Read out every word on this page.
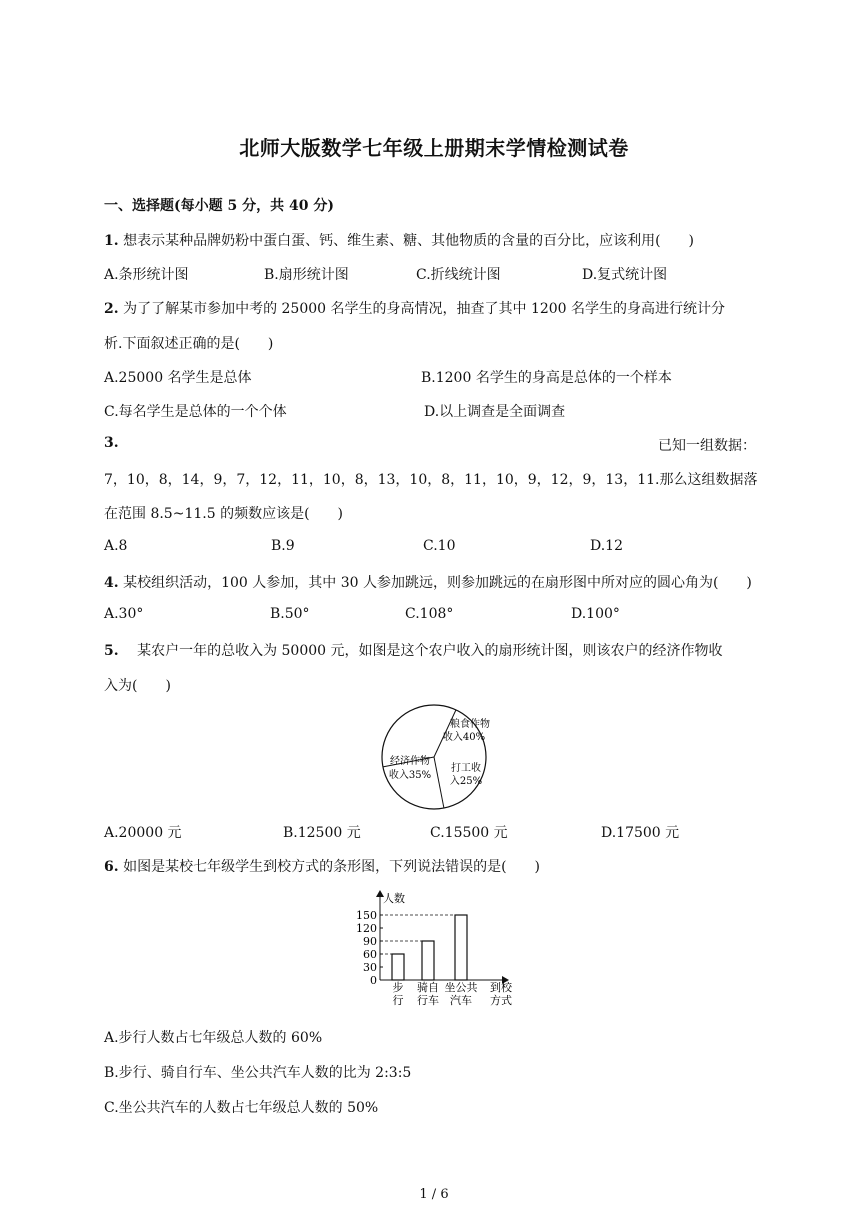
北师大版数学七年级上册期末学情检测试卷
一、选择题(每小题 5 分，共 40 分)
1. 想表示某种品牌奶粉中蛋白蛋、钙、维生素、糖、其他物质的含量的百分比，应该利用(　　)
A.条形统计图	B.扇形统计图	C.折线统计图	D.复式统计图
2. 为了了解某市参加中考的 25000 名学生的身高情况，抽查了其中 1200 名学生的身高进行统计分
析.下面叙述正确的是(　　)
A.25000 名学生是总体	B.1200 名学生的身高是总体的一个样本
C.每名学生是总体的一个个体	D.以上调查是全面调查
3.	已知一组数据：
7，10，8，14，9，7，12，11，10，8，13，10，8，11，10，9，12，9，13，11.那么这组数据落
在范围 8.5~11.5 的频数应该是(　　)
A.8	B.9	C.10	D.12
4. 某校组织活动，100 人参加，其中 30 人参加跳远，则参加跳远的在扇形图中所对应的圆心角为(　　)
A.30°	B.50°	C.108°	D.100°
5. 某农户一年的总收入为 50000 元，如图是这个农户收入的扇形统计图，则该农户的经济作物收
入为(　　)
粮食作物
收入40%
打工收
入25%
经济作物
收入35%
A.20000 元	B.12500 元	C.15500 元	D.17500 元
6. 如图是某校七年级学生到校方式的条形图，下列说法错误的是(　　)
人数
150
120
90
60
30
0
步
行
骑自
行车
坐公共
汽车
到校
方式
A.步行人数占七年级总人数的 60%
B.步行、骑自行车、坐公共汽车人数的比为 2:3:5
C.坐公共汽车的人数占七年级总人数的 50%
1 / 6
